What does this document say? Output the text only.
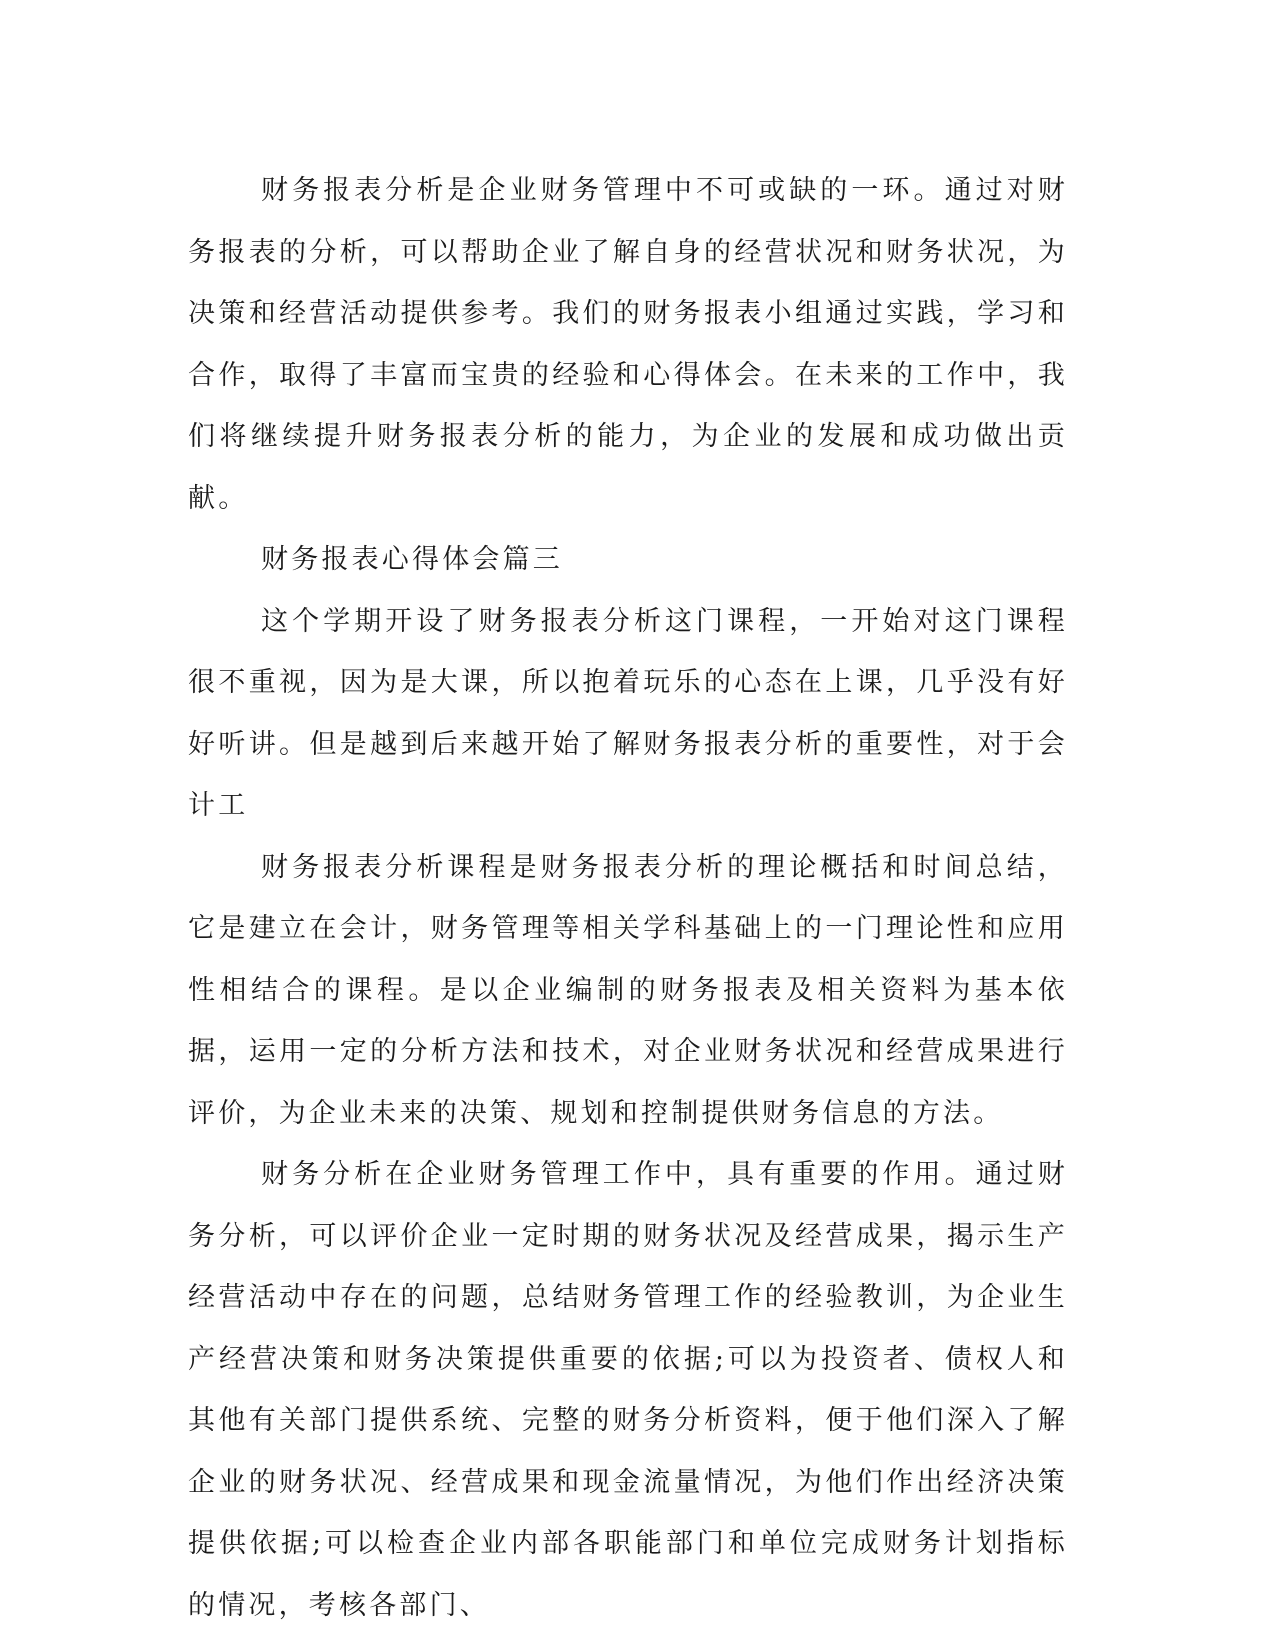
财务报表分析是企业财务管理中不可或缺的一环。通过对财务报表的分析，可以帮助企业了解自身的经营状况和财务状况，为决策和经营活动提供参考。我们的财务报表小组通过实践，学习和合作，取得了丰富而宝贵的经验和心得体会。在未来的工作中，我们将继续提升财务报表分析的能力，为企业的发展和成功做出贡献。

财务报表心得体会篇三

这个学期开设了财务报表分析这门课程，一开始对这门课程很不重视，因为是大课，所以抱着玩乐的心态在上课，几乎没有好好听讲。但是越到后来越开始了解财务报表分析的重要性，对于会计工

财务报表分析课程是财务报表分析的理论概括和时间总结，它是建立在会计，财务管理等相关学科基础上的一门理论性和应用性相结合的课程。是以企业编制的财务报表及相关资料为基本依据，运用一定的分析方法和技术，对企业财务状况和经营成果进行评价，为企业未来的决策、规划和控制提供财务信息的方法。

财务分析在企业财务管理工作中，具有重要的作用。通过财务分析，可以评价企业一定时期的财务状况及经营成果，揭示生产经营活动中存在的问题，总结财务管理工作的经验教训，为企业生产经营决策和财务决策提供重要的依据;可以为投资者、债权人和其他有关部门提供系统、完整的财务分析资料，便于他们深入了解企业的财务状况、经营成果和现金流量情况，为他们作出经济决策提供依据;可以检查企业内部各职能部门和单位完成财务计划指标的情况，考核各部门、
